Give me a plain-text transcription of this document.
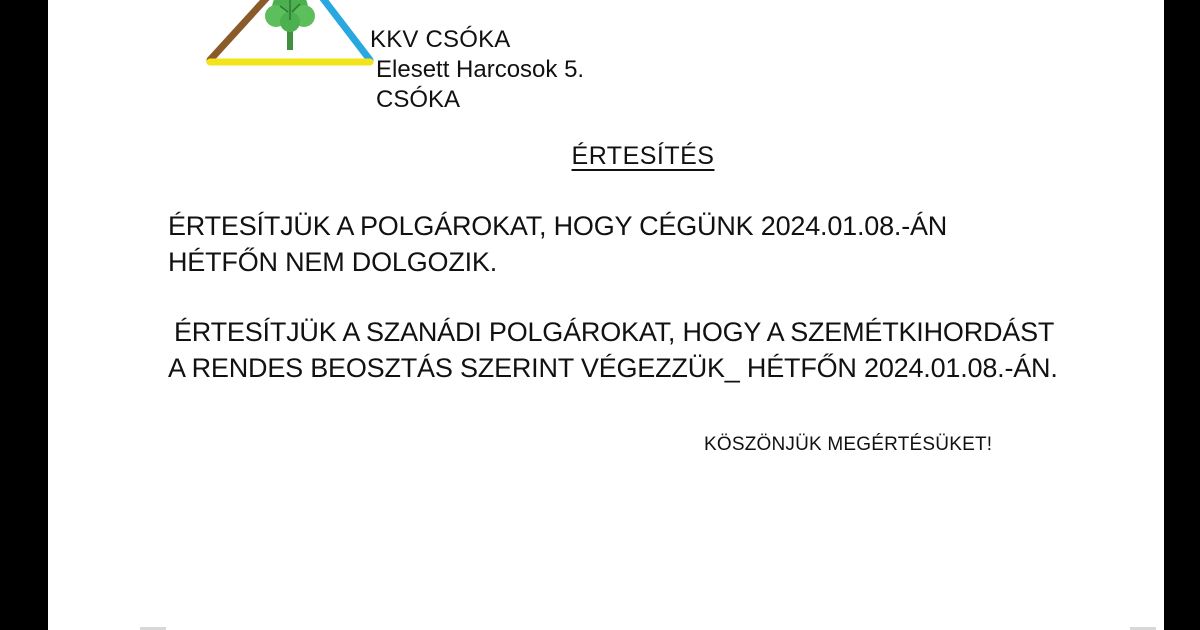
KKV CSÓKA
Elesett Harcosok 5.
CSÓKA
ÉRTESÍTÉS
ÉRTESÍTJÜK A POLGÁROKAT, HOGY CÉGÜNK 2024.01.08.-ÁN
HÉTFŐN NEM DOLGOZIK.
ÉRTESÍTJÜK A SZANÁDI POLGÁROKAT, HOGY A SZEMÉTKIHORDÁST
A RENDES BEOSZTÁS SZERINT VÉGEZZÜK_ HÉTFŐN 2024.01.08.-ÁN.
KÖSZÖNJÜK MEGÉRTÉSÜKET!
